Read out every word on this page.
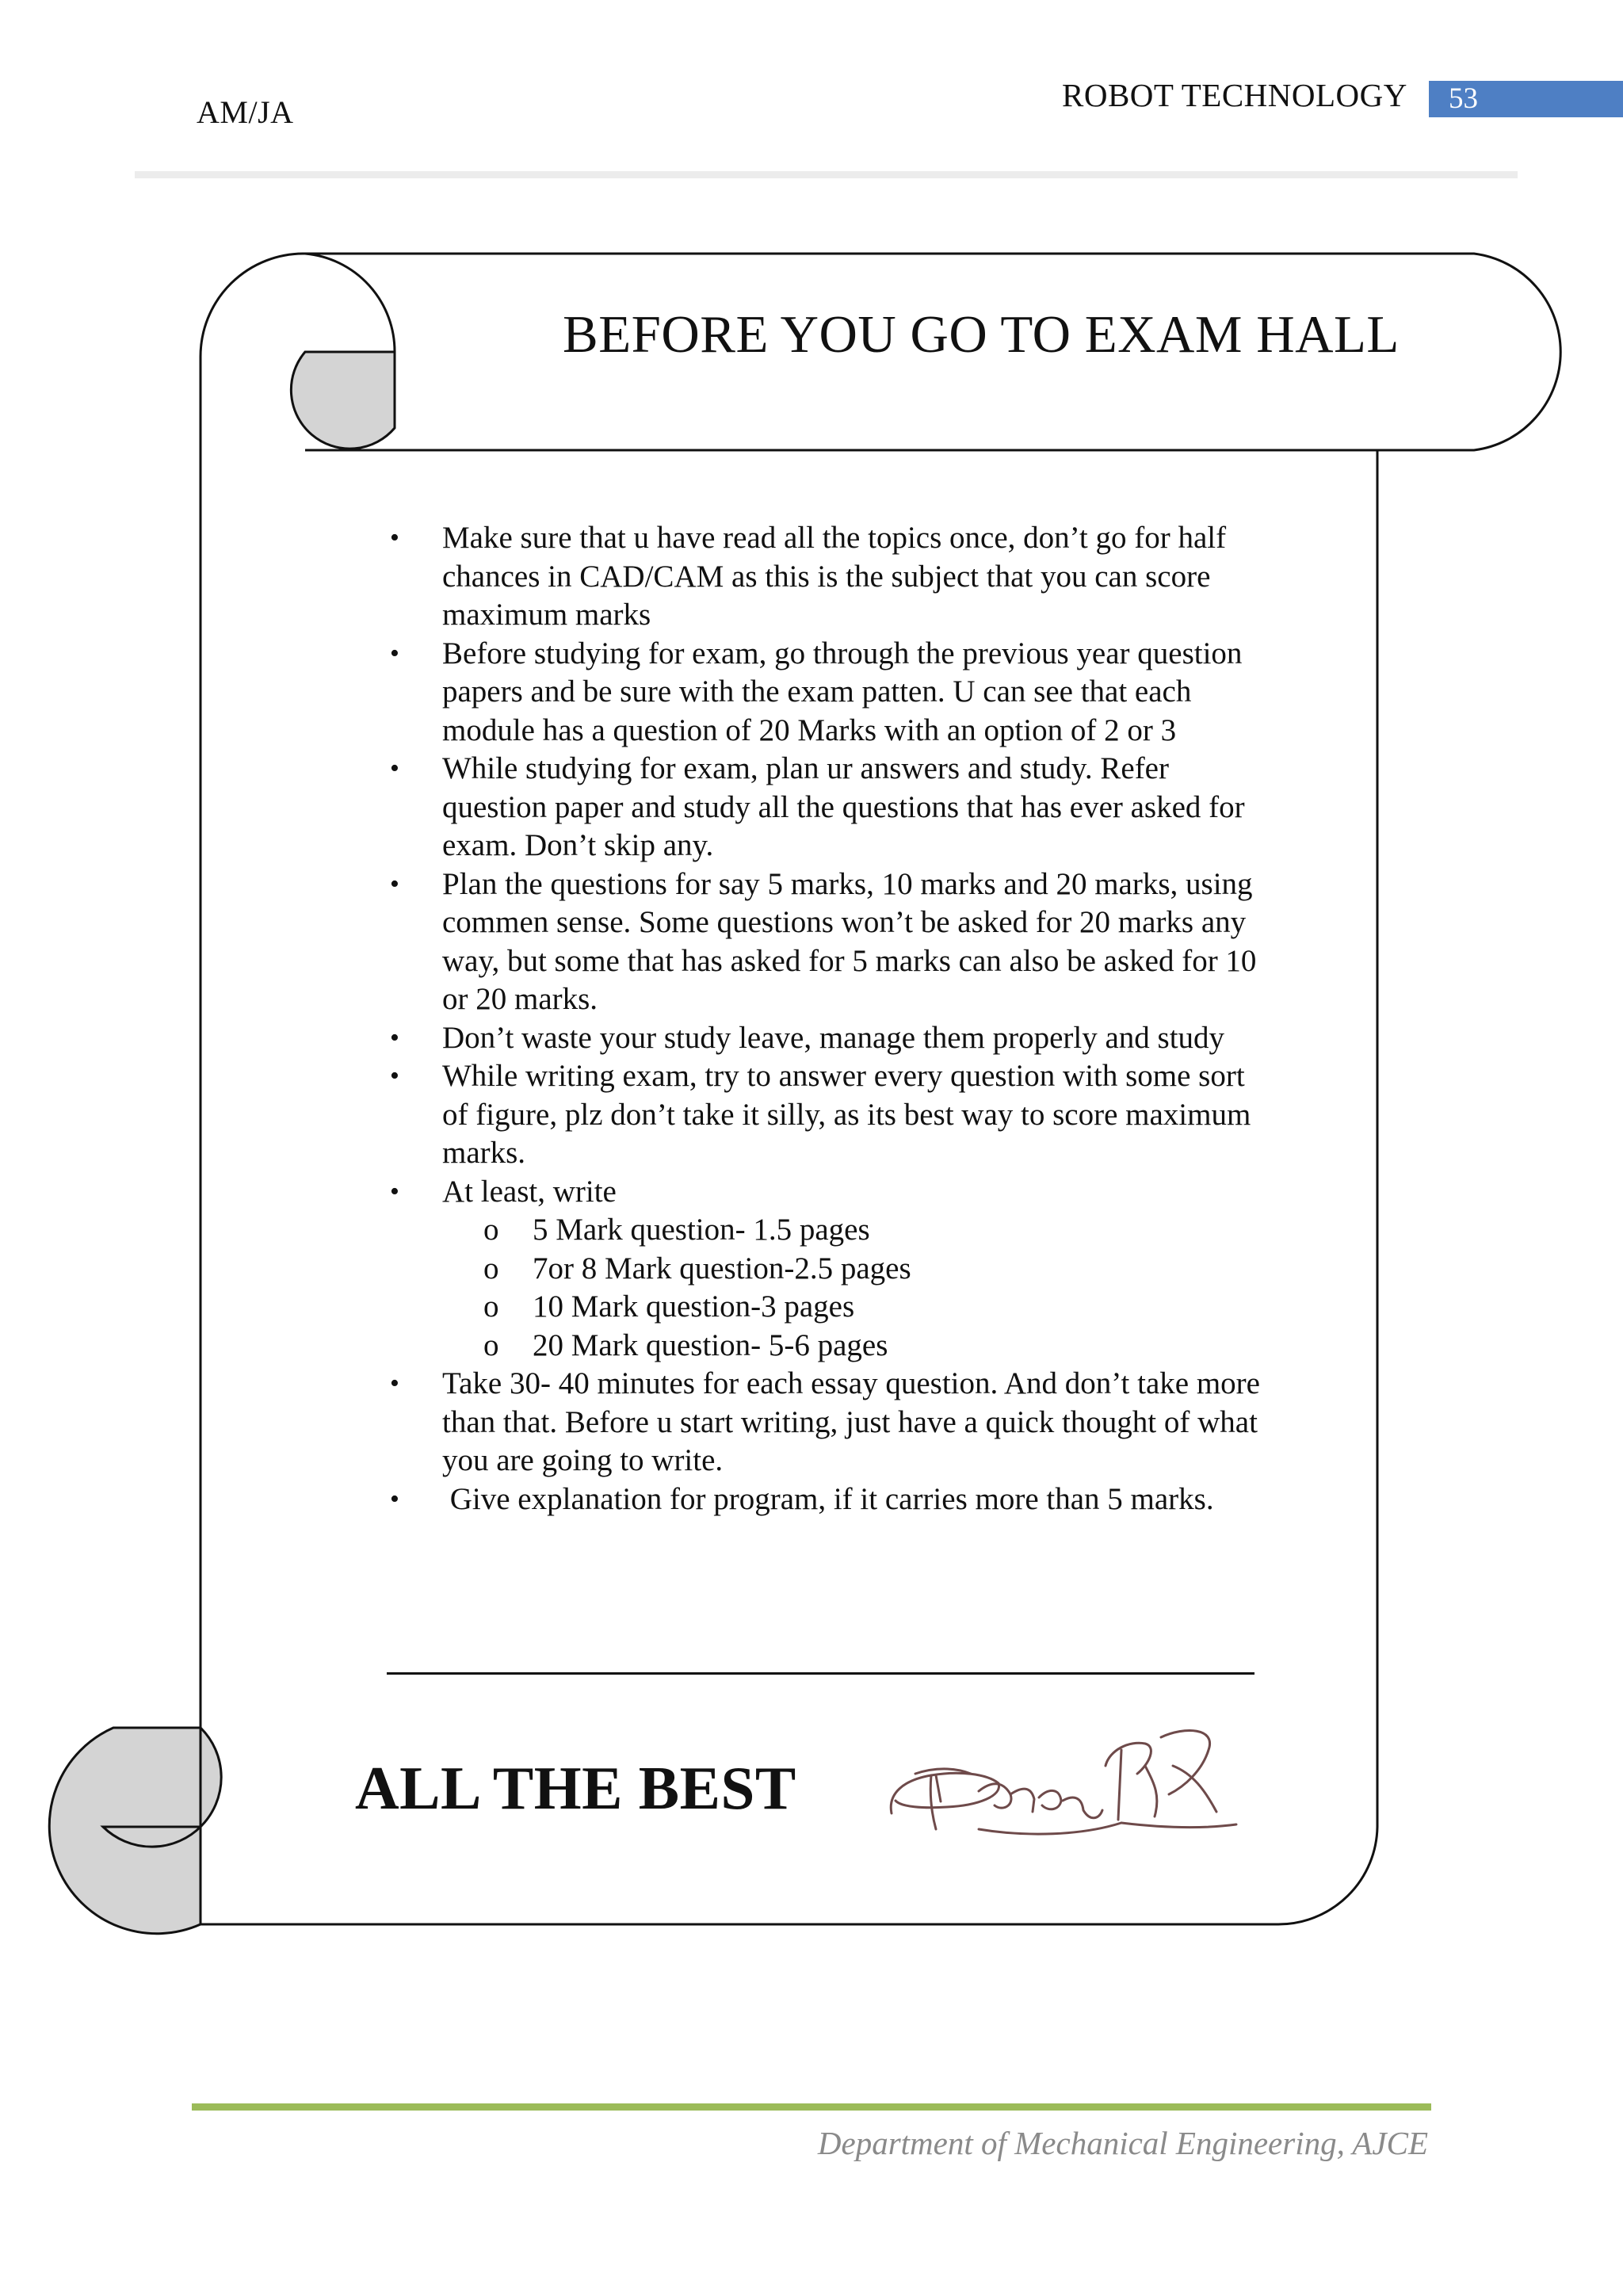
AM/JA	ROBOT TECHNOLOGY	53
BEFORE YOU GO TO EXAM HALL
• Make sure that u have read all the topics once, don’t go for half chances in CAD/CAM as this is the subject that you can score maximum marks
• Before studying for exam, go through the previous year question papers and be sure with the exam patten. U can see that each module has a question of 20 Marks with an option of 2 or 3
• While studying for exam, plan ur answers and study. Refer question paper and study all the questions that has ever asked for exam. Don’t skip any.
• Plan the questions for say 5 marks, 10 marks and 20 marks, using commen sense. Some questions won’t be asked for 20 marks any way, but some that has asked for 5 marks can also be asked for 10 or 20 marks.
• Don’t waste your study leave, manage them properly and study
• While writing exam, try to answer every question with some sort of figure, plz don’t take it silly, as its best way to score maximum marks.
• At least, write
o 5 Mark question- 1.5 pages
o 7or 8 Mark question-2.5 pages
o 10 Mark question-3 pages
o 20 Mark question- 5-6 pages
• Take 30- 40 minutes for each essay question. And don’t take more than that. Before u start writing, just have a quick thought of what you are going to write.
• Give explanation for program, if it carries more than 5 marks.
ALL THE BEST
Department of Mechanical Engineering, AJCE
